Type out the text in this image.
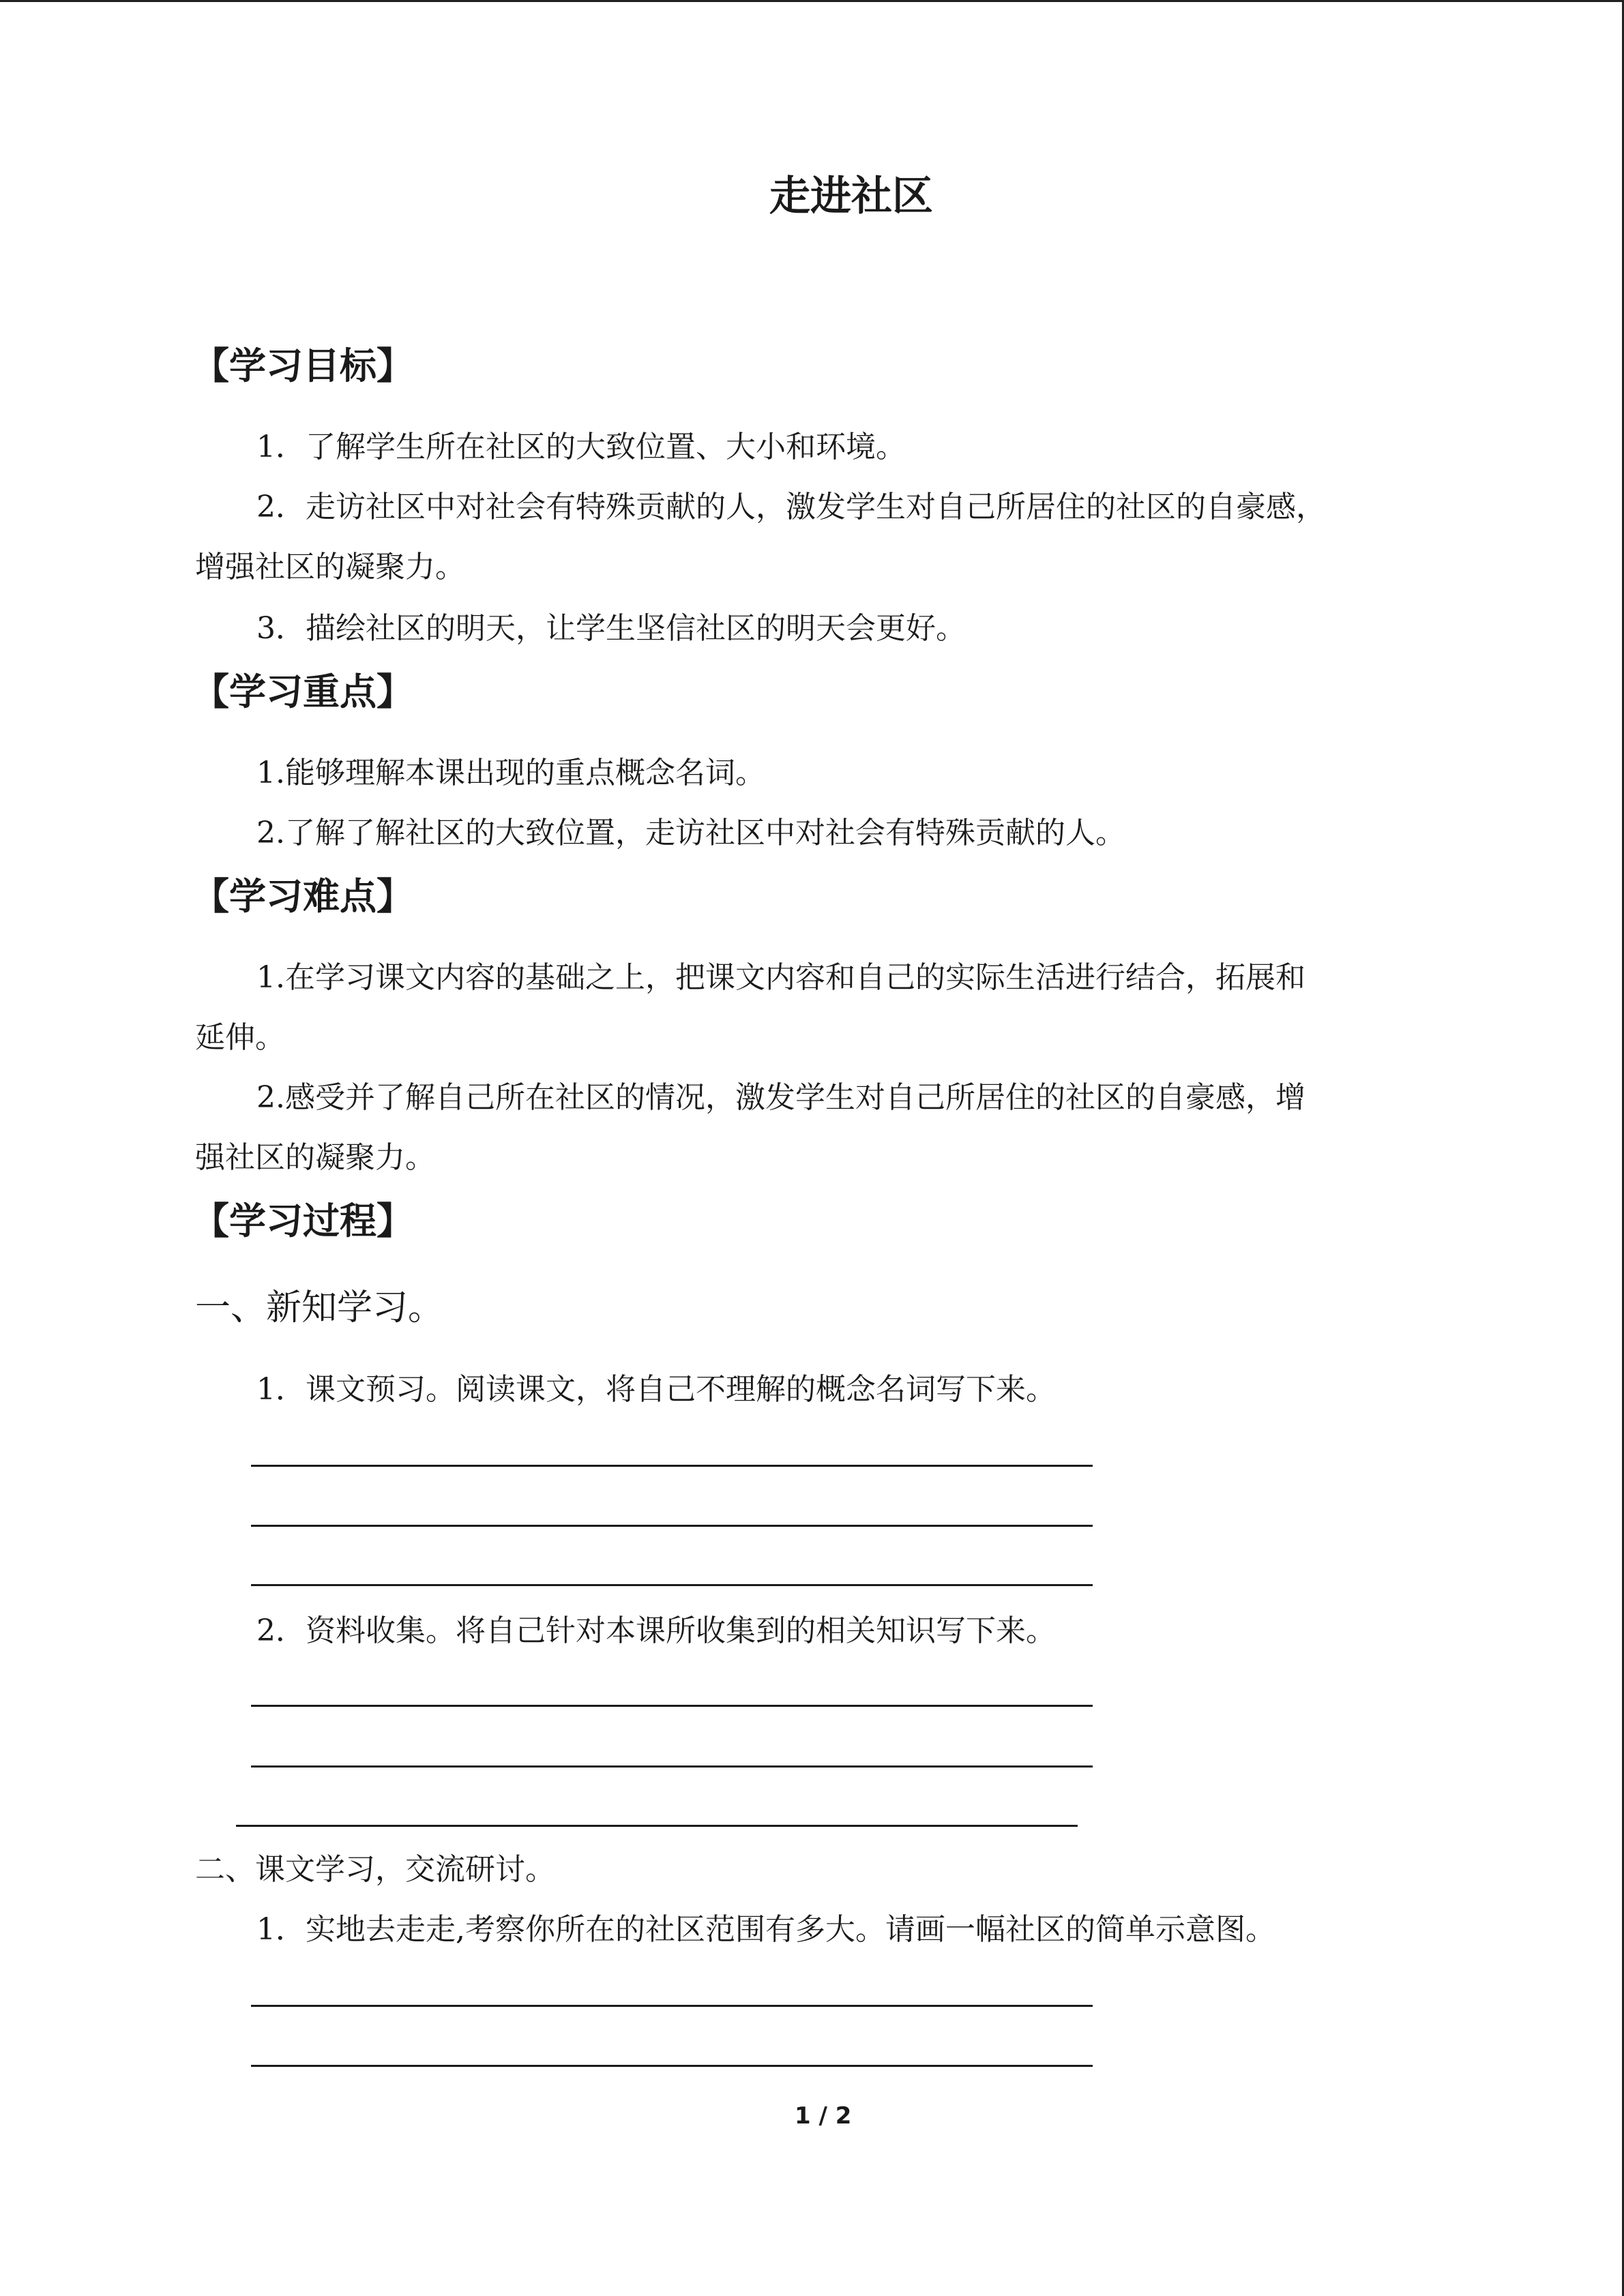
走进社区
【学习目标】
1．了解学生所在社区的大致位置、大小和环境。
2．走访社区中对社会有特殊贡献的人，激发学生对自己所居住的社区的自豪感，
增强社区的凝聚力。
3．描绘社区的明天，让学生坚信社区的明天会更好。
【学习重点】
1.能够理解本课出现的重点概念名词。
2.了解了解社区的大致位置，走访社区中对社会有特殊贡献的人。
【学习难点】
1.在学习课文内容的基础之上，把课文内容和自己的实际生活进行结合，拓展和
延伸。
2.感受并了解自己所在社区的情况，激发学生对自己所居住的社区的自豪感，增
强社区的凝聚力。
【学习过程】
一、新知学习。
1．课文预习。阅读课文，将自己不理解的概念名词写下来。
2．资料收集。将自己针对本课所收集到的相关知识写下来。
二、课文学习，交流研讨。
1．实地去走走,考察你所在的社区范围有多大。请画一幅社区的简单示意图。
1 / 2
